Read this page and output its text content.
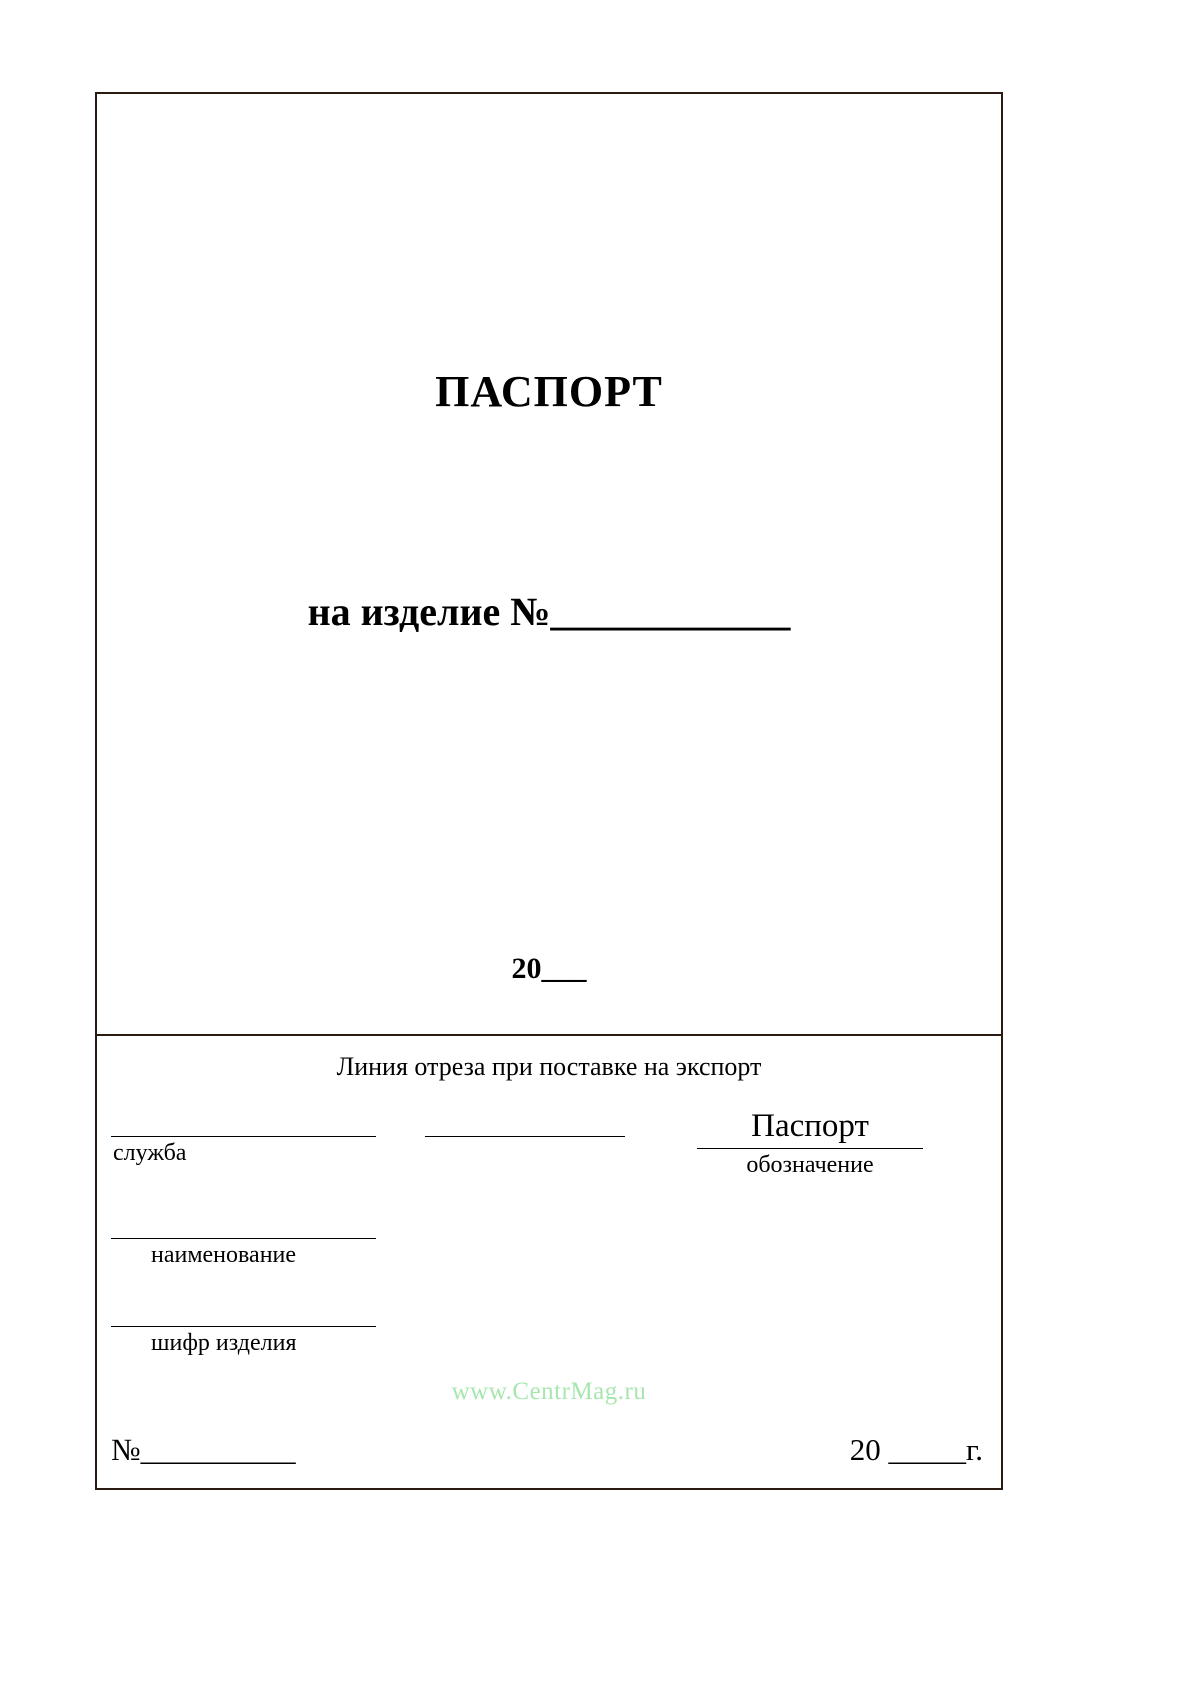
ПАСПОРТ
на изделие №____________
20___
Линия отреза при поставке на экспорт
служба
Паспорт
обозначение
наименование
шифр изделия
www.CentrMag.ru
№__________	20 _____г.
